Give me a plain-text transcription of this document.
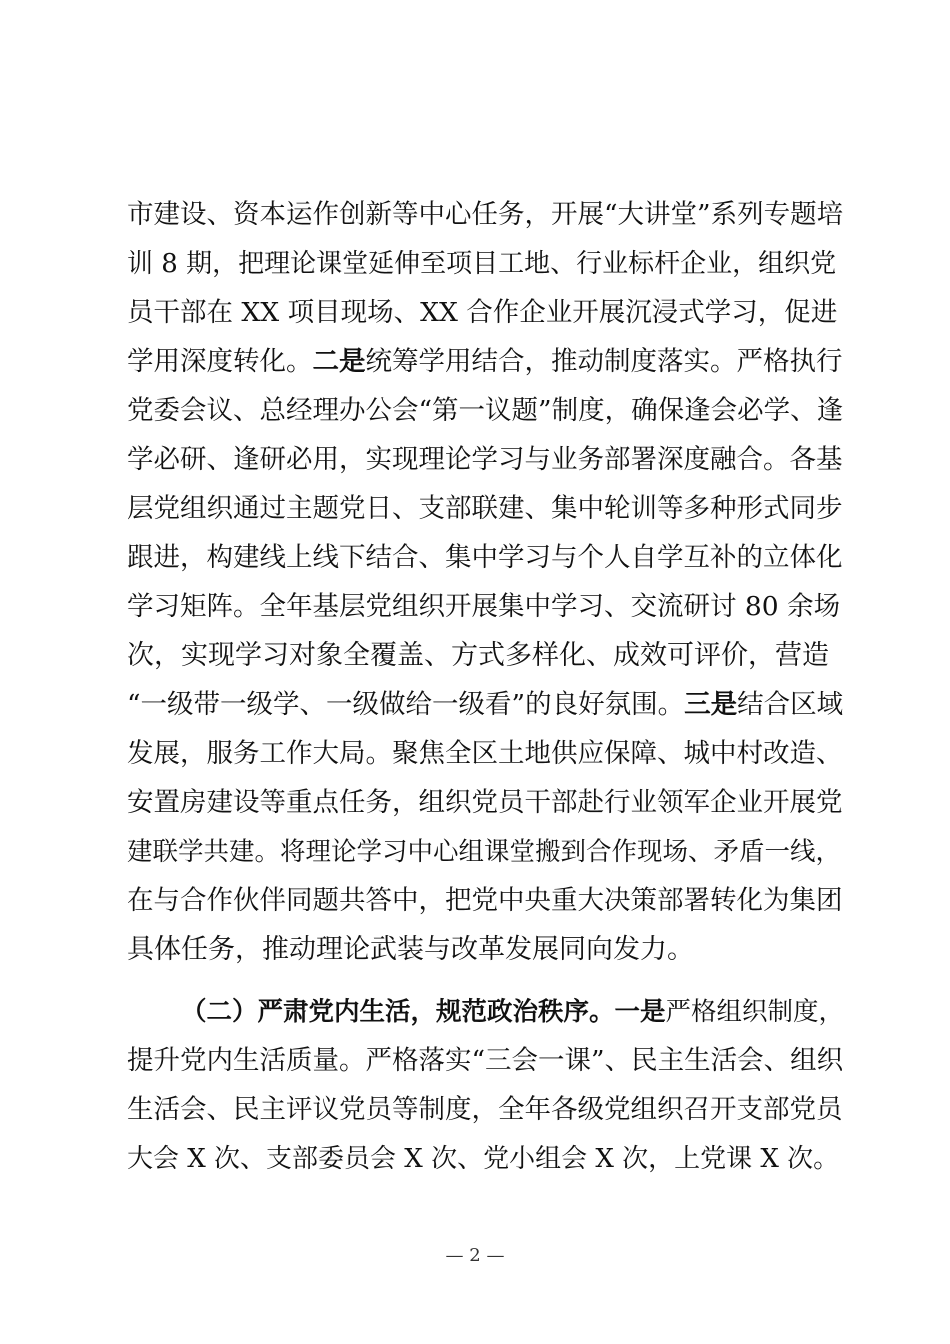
市建设、资本运作创新等中心任务，开展“大讲堂”系列专题培
训 8 期，把理论课堂延伸至项目工地、行业标杆企业，组织党
员干部在 XX 项目现场、XX 合作企业开展沉浸式学习，促进
学用深度转化。二是统筹学用结合，推动制度落实。严格执行
党委会议、总经理办公会“第一议题”制度，确保逢会必学、逢
学必研、逢研必用，实现理论学习与业务部署深度融合。各基
层党组织通过主题党日、支部联建、集中轮训等多种形式同步
跟进，构建线上线下结合、集中学习与个人自学互补的立体化
学习矩阵。全年基层党组织开展集中学习、交流研讨 80 余场
次，实现学习对象全覆盖、方式多样化、成效可评价，营造
“一级带一级学、一级做给一级看”的良好氛围。三是结合区域
发展，服务工作大局。聚焦全区土地供应保障、城中村改造、
安置房建设等重点任务，组织党员干部赴行业领军企业开展党
建联学共建。将理论学习中心组课堂搬到合作现场、矛盾一线，
在与合作伙伴同题共答中，把党中央重大决策部署转化为集团
具体任务，推动理论武装与改革发展同向发力。
（二）严肃党内生活，规范政治秩序。一是严格组织制度，
提升党内生活质量。严格落实“三会一课”、民主生活会、组织
生活会、民主评议党员等制度，全年各级党组织召开支部党员
大会 X 次、支部委员会 X 次、党小组会 X 次，上党课 X 次。
— 2 —
